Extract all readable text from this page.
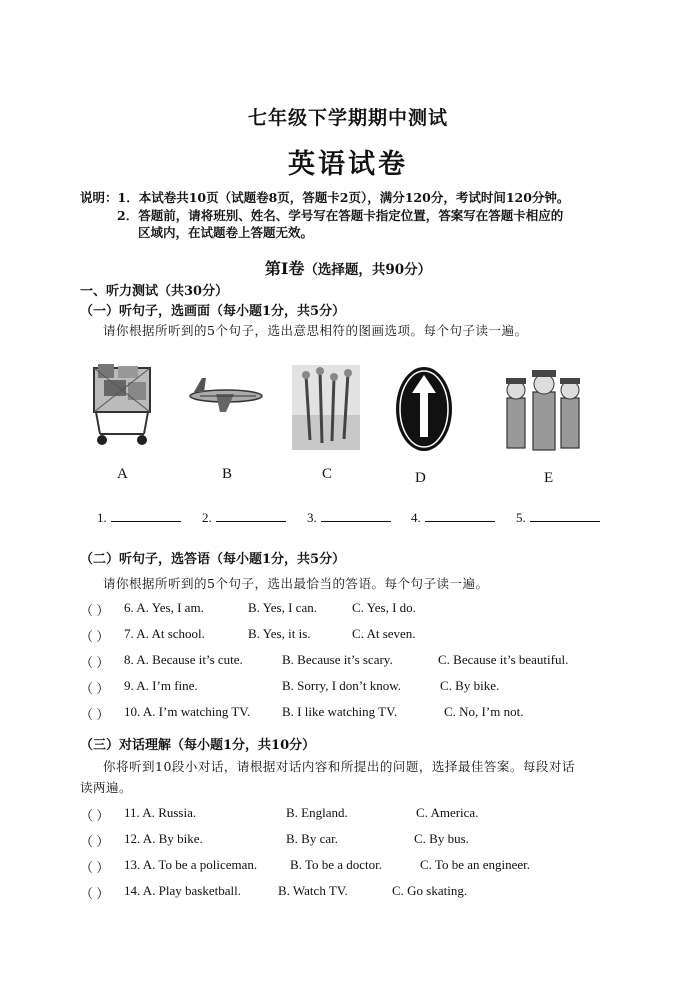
七年级下学期期中测试
英语试卷
说明：1．本试卷共10页（试题卷8页，答题卡2页），满分120分，考试时间120分钟。
2．答题前，请将班别、姓名、学号写在答题卡指定位置，答案写在答题卡相应的
区域内，在试题卷上答题无效。
第Ⅰ卷（选择题，共90分）
一、听力测试（共30分）
（一）听句子，选画面（每小题1分，共5分）
请你根据所听到的5个句子，选出意思相符的图画选项。每个句子读一遍。
A	B	C	D	E
1.	2.	3.	4.	5.
（二）听句子，选答语（每小题1分，共5分）
请你根据所听到的5个句子，选出最恰当的答语。每个句子读一遍。
（ ） 6. A. Yes, I am.	B. Yes, I can.	C. Yes, I do.
（ ） 7. A. At school.	B. Yes, it is.	C. At seven.
（ ） 8. A. Because it’s cute.	B. Because it’s scary.	C. Because it’s beautiful.
（ ） 9. A. I’m fine.	B. Sorry, I don’t know.	C. By bike.
（ ） 10. A. I’m watching TV. B. I like watching TV.	C. No, I’m not.
（三）对话理解（每小题1分，共10分）
你将听到10段小对话，请根据对话内容和所提出的问题，选择最佳答案。每段对话
读两遍。
（ ） 11. A. Russia.	B. England.	C. America.
（ ） 12. A. By bike.	B. By car.	C. By bus.
（ ） 13. A. To be a policeman.	B. To be a doctor.	C. To be an engineer.
（ ） 14. A. Play basketball.	B. Watch TV.	C. Go skating.
